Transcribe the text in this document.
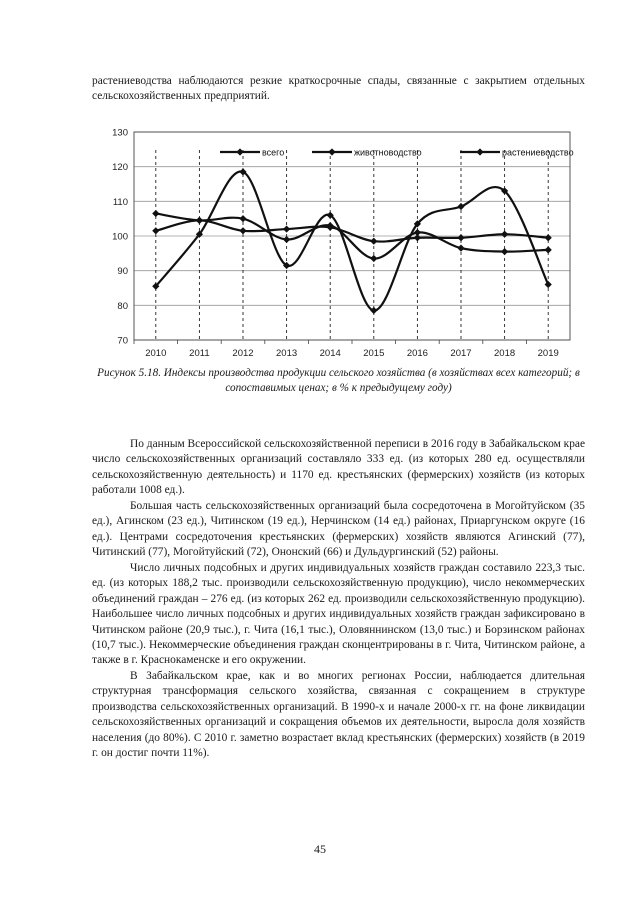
растениеводства наблюдаются резкие краткосрочные спады, связанные с закрытием отдельных сельскохозяйственных предприятий.

70
80
90
100
110
120
130
2010 2011 2012 2013 2014 2015 2016 2017 2018 2019
всего	животноводство	растениеводство

Рисунок 5.18. Индексы производства продукции сельского хозяйства (в хозяйствах всех категорий; в сопоставимых ценах; в % к предыдущему году)

По данным Всероссийской сельскохозяйственной переписи в 2016 году в Забайкальском крае число сельскохозяйственных организаций составляло 333 ед. (из которых 280 ед. осуществляли сельскохозяйственную деятельность) и 1170 ед. крестьянских (фермерских) хозяйств (из которых работали 1008 ед.).

Большая часть сельскохозяйственных организаций была сосредоточена в Могойтуйском (35 ед.), Агинском (23 ед.), Читинском (19 ед.), Нерчинском (14 ед.) районах, Приаргунском округе (16 ед.). Центрами сосредоточения крестьянских (фермерских) хозяйств являются Агинский (77), Читинский (77), Могойтуйский (72), Ононский (66) и Дульдургинский (52) районы.

Число личных подсобных и других индивидуальных хозяйств граждан составило 223,3 тыс. ед. (из которых 188,2 тыс. производили сельскохозяйственную продукцию), число некоммерческих объединений граждан – 276 ед. (из которых 262 ед. производили сельскохозяйственную продукцию). Наибольшее число личных подсобных и других индивидуальных хозяйств граждан зафиксировано в Читинском районе (20,9 тыс.), г. Чита (16,1 тыс.), Оловяннинском (13,0 тыс.) и Борзинском районах (10,7 тыс.). Некоммерческие объединения граждан сконцентрированы в г. Чита, Читинском районе, а также в г. Краснокаменске и его окружении.

В Забайкальском крае, как и во многих регионах России, наблюдается длительная структурная трансформация сельского хозяйства, связанная с сокращением в структуре производства сельскохозяйственных организаций. В 1990-х и начале 2000-х гг. на фоне ликвидации сельскохозяйственных организаций и сокращения объемов их деятельности, выросла доля хозяйств населения (до 80%). С 2010 г. заметно возрастает вклад крестьянских (фермерских) хозяйств (в 2019 г. он достиг почти 11%).

45
